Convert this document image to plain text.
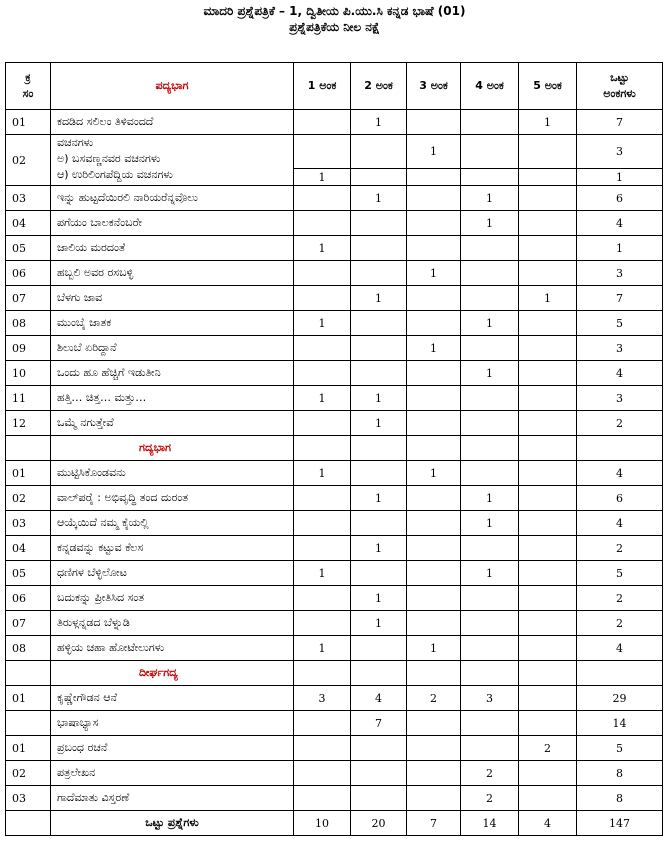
ಮಾದರಿ ಪ್ರಶ್ನೆಪತ್ರಿಕೆ – 1, ದ್ವಿತೀಯ ಪಿ.ಯು.ಸಿ ಕನ್ನಡ ಭಾಷೆ (01)
ಪ್ರಶ್ನೆಪತ್ರಿಕೆಯ ನೀಲ ನಕ್ಷೆ
ಕ್ರ
ಸಂ	ಪದ್ಯಭಾಗ	1 ಅಂಕ	2 ಅಂಕ	3 ಅಂಕ	4 ಅಂಕ	5 ಅಂಕ	ಒಟ್ಟು
ಅಂಕಗಳು
01	ಕದಡಿದ ಸಲಿಲಂ ತಿಳಿವಂದದೆ		1			1	7
02	ವಚನಗಳು
ಅ) ಬಸವಣ್ಣನವರ ವಚನಗಳು
ಆ) ಉರಿಲಿಂಗಪೆದ್ದಿಯ ವಚನಗಳು			1			3
		1					1
03	ಇನ್ನು ಹುಟ್ಟದೆಯಿರಲಿ ನಾರಿಯರೆನ್ನವೊಲು		1		1		6
04	ಪಗೆಯಂ ಬಾಲಕನೆಂಬರೇ				1		4
05	ಜಾಲಿಯ ಮರದಂತೆ	1					1
06	ಹಬ್ಬಲಿ ಅವರ ರಸಬಳ್ಳಿ			1			3
07	ಬೆಳಗು ಜಾವ		1			1	7
08	ಮುಂಬೈ ಜಾತಕ	1			1		5
09	ಶಿಲುಬೆ ಏರಿದ್ದಾನೆ			1			3
10	ಒಂದು ಹೂ ಹೆಚ್ಚಿಗೆ ಇಡುತೀನಿ				1		4
11	ಹತ್ತಿ… ಚಿತ್ತ… ಮತ್ತು…	1	1				3
12	ಒಮ್ಮೆ ನಗುತ್ತೇವೆ		1				2
	ಗದ್ಯಭಾಗ						
01	ಮುಟ್ಟಿಸಿಕೊಂಡವನು	1		1			4
02	ವಾಲ್‌ಪರೈ : ಅಭಿವೃದ್ಧಿ ತಂದ ದುರಂತ		1		1		6
03	ಆಯ್ಕೆಯಿದೆ ನಮ್ಮ ಕೈಯಲ್ಲಿ				1		4
04	ಕನ್ನಡವನ್ನು ಕಟ್ಟುವ ಕೆಲಸ		1				2
05	ಧಣಿಗಳ ಬೆಳ್ಳಿಲೋಟ	1			1		5
06	ಬದುಕನ್ನು ಪ್ರೀತಿಸಿದ ಸಂತ		1				2
07	ತಿರುಳ್ಗನ್ನಡದ ಬೆಳ್ನುಡಿ		1				2
08	ಹಳ್ಳಿಯ ಚಹಾ ಹೋಟೇಲುಗಳು	1		1			4
	ದೀರ್ಘಗದ್ಯ						
01	ಕೃಷ್ಣೇಗೌಡನ ಆನೆ	3	4	2	3		29
	ಭಾಷಾಭ್ಯಾಸ		7				14
01	ಪ್ರಬಂಧ ರಚನೆ					2	5
02	ಪತ್ರಲೇಖನ				2		8
03	ಗಾದೆಮಾತು ವಿಸ್ತರಣೆ				2		8
	ಒಟ್ಟು ಪ್ರಶ್ನೆಗಳು	10	20	7	14	4	147
